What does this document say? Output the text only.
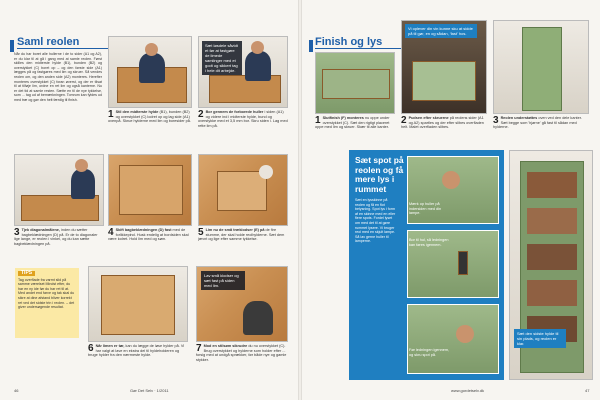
Saml reolen
Når du har boret alle hullerne i de to sider (A1 og A2), er du klar til at gå i gang med at samle reolen. Først skilles den midterste hylde (B1), bunden (B2) og overstykket (C) boret op – og den første side (A1) lægges på og fastgøres med lim og skruer. Så vendes reolen om, og den anden side (A2) monteres. Herefter monteres overstykket (C) foran øverst, og der er tilsat til at tilføje lim, ordne en ret lim og også kanterne. Nu er det tid at samle resten. Sætte en til de nye tykkelse, som ... tag ud af bemærkningen. Tomrum kan fyldes ud med træ og gør den helt færdig til finish.
1 Stil den midterste hylde (B1), bunden (B2) og overstykket (C) lodret op og lag side (A1) ovenpå. Skrue hylderne med lim og boresider på.
Sæt løsdele såvidt et før at fastgøre de limede samlinger med et godt og sikkert tag i hele dit arbejde.
2 Bor gennem de forborede huller i siden (A1) og videre ind i midterste hylde, bund og overstykke med et 3,5 mm bor. Skru siden i. Lag med rette lim på.
3 Tjek diagonalmålene, inden du sætter bagbeklædningen (D) på. Er de to diagonaler lige lange, er reolen i vinkel, og du kan sætte bagbeklædningen på.
4 Skift bagbeklædningen (D) fast med de forlikkepind. Husk endelig at bordsiden skal være lodret. Hold lim med og søm.
5 Lim nu de små træklodser (E) på de fire stumme, der skal holde reolhylderne. Sæt dem jævnt og lige efter samme tykkelse.
TIPS
Tag overflade fra varmt slid på samme værelset Mindst efter, du har en ny ide før du har ret til at. Med andet end farve og tak skal du sikre at dine afstand bliver korrekt ret ved det sidste trin i reolen. – det giver undersøgende resultat.
6 Når limen er tør, kan du lægge de løse hylder på. Vi har valgt at lave en ekstra del til hyldeholderen og bruge hylder fra den nærmeste hylde.
Lav små klodser og sæt fast på siden med lim.
7 Mod en stilsøm sikrudre du nu overstykket (C). Brug overstykket og hylderne som holder efter ... forsig med at undgå sprækker, før både nye og gamle stykker.
46	Gør Det Selv · 1/2011
Finish og lys
1 Slutfinish (F) monteres nu oppe under overstykket (C). Sæt den rigtigt placeret oppe med lim og skruer. Skær til alle kanter.
Vi oplever din vin kunne sku at sidde på til gør, en og sådan, 'fast' hos.
2 Pudsen efter skruerne på reolens sider (A1 og A2) spartles og der efter slibes overfladen helt. Malet overfladen slibes.
3 Reolen understøttes oven ved den dele kanter. Sæt begge som 'hjørne' gå fast til sådan med hylderne.
Sæt spot på reolen og få mere lys i rummet
Sæt en lysskinne på reolen og få en flot belysning. Spot lys i form af en skinne med en eller flere spots. Fordel lyset om med det til at gøre rummet lysere. Vi bruger reol med en skjult lampe. Så lav gerne huller til lamperne.
Mærk op huller på indersiden med din lampe.
Bor til hul, så ledningen kan føres igennem.
Før ledningen igennem, og skru spot på.
Sæt den sidste hylde til sin plads, og reolen er klar.
www.gordetselv.dk	47
